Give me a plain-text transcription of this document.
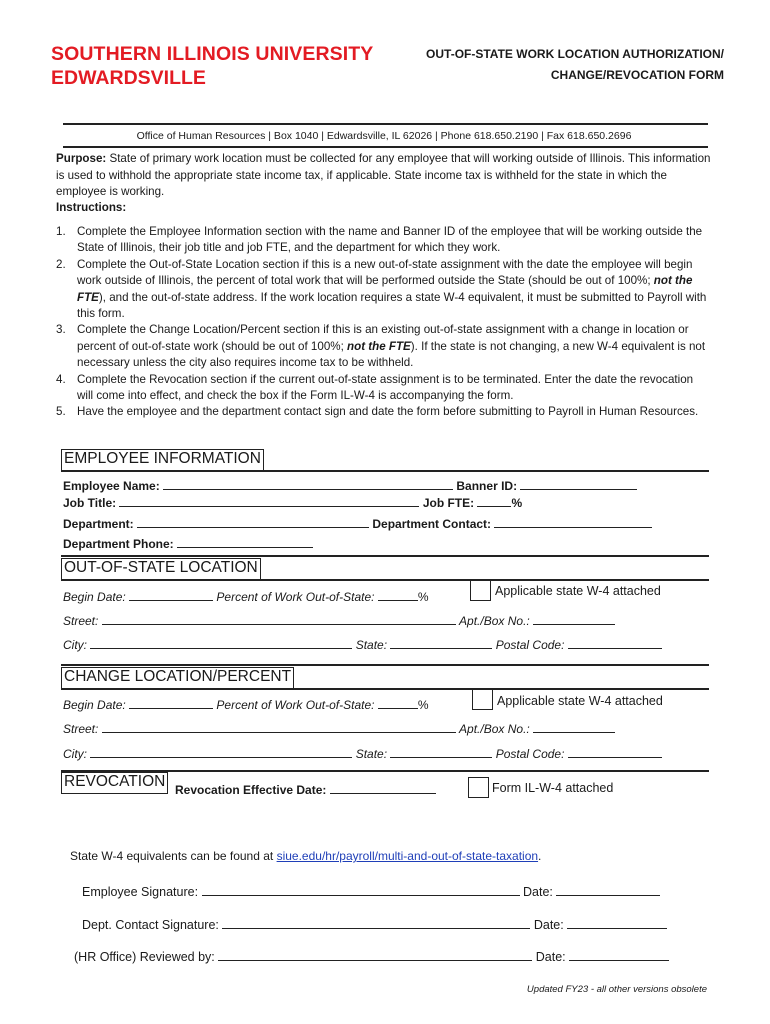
SOUTHERN ILLINOIS UNIVERSITY
EDWARDSVILLE
OUT-OF-STATE WORK LOCATION AUTHORIZATION/
CHANGE/REVOCATION FORM
Office of Human Resources | Box 1040 | Edwardsville, IL 62026 | Phone 618.650.2190 | Fax 618.650.2696
Purpose: State of primary work location must be collected for any employee that will working outside of Illinois. This information is used to withhold the appropriate state income tax, if applicable. State income tax is withheld for the state in which the employee is working.
Instructions:
1. Complete the Employee Information section with the name and Banner ID of the employee that will be working outside the State of Illinois, their job title and job FTE, and the department for which they work.
2. Complete the Out-of-State Location section if this is a new out-of-state assignment with the date the employee will begin work outside of Illinois, the percent of total work that will be performed outside the State (should be out of 100%; not the FTE), and the out-of-state address. If the work location requires a state W-4 equivalent, it must be submitted to Payroll with this form.
3. Complete the Change Location/Percent section if this is an existing out-of-state assignment with a change in location or percent of out-of-state work (should be out of 100%; not the FTE). If the state is not changing, a new W-4 equivalent is not necessary unless the city also requires income tax to be withheld.
4. Complete the Revocation section if the current out-of-state assignment is to be terminated. Enter the date the revocation will come into effect, and check the box if the Form IL-W-4 is accompanying the form.
5. Have the employee and the department contact sign and date the form before submitting to Payroll in Human Resources.
EMPLOYEE INFORMATION
Employee Name:	Banner ID:
Job Title:	Job FTE:	%
Department:	Department Contact:
Department Phone:
OUT-OF-STATE LOCATION
Begin Date:	Percent of Work Out-of-State:	%	Applicable state W-4 attached
Street:	Apt./Box No.:
City:	State:	Postal Code:
CHANGE LOCATION/PERCENT
Begin Date:	Percent of Work Out-of-State:	%	Applicable state W-4 attached
Street:	Apt./Box No.:
City:	State:	Postal Code:
REVOCATION Revocation Effective Date:	Form IL-W-4 attached
State W-4 equivalents can be found at siue.edu/hr/payroll/multi-and-out-of-state-taxation.
Employee Signature:	Date:
Dept. Contact Signature:	Date:
(HR Office) Reviewed by:	Date:
Updated FY23 - all other versions obsolete
